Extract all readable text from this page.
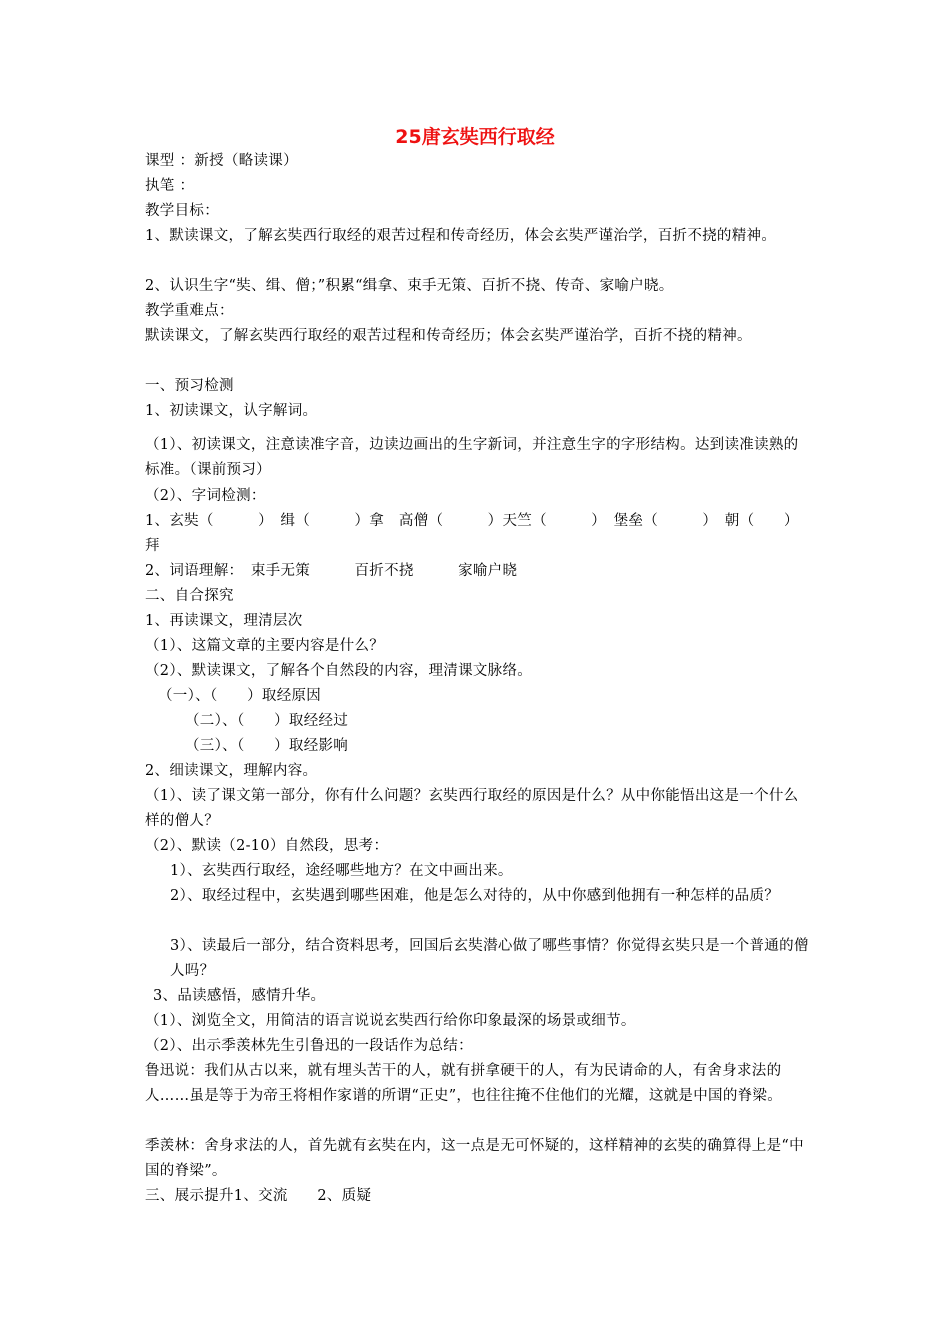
25唐玄奘西行取经
课型 ：新授（略读课）
执笔 ：
教学目标：
1、默读课文，了解玄奘西行取经的艰苦过程和传奇经历，体会玄奘严谨治学，百折不挠的精神。
2、认识生字“奘、缉、僧；”积累“缉拿、束手无策、百折不挠、传奇、家喻户晓。
教学重难点：
默读课文，了解玄奘西行取经的艰苦过程和传奇经历；体会玄奘严谨治学，百折不挠的精神。
一、预习检测
1、初读课文，认字解词。
（1）、初读课文，注意读准字音，边读边画出的生字新词，并注意生字的字形结构。达到读准读熟的标准。（课前预习）
（2）、字词检测：
1、玄奘（　　　）　缉（　　　）拿　高僧（　　　）天竺（　　　）　堡垒（　　　）　朝（　　）拜
2、词语理解：　束手无策　　　百折不挠　　　家喻户晓
二、自合探究
1、再读课文，理清层次
（1）、这篇文章的主要内容是什么？
（2）、默读课文，了解各个自然段的内容，理清课文脉络。
（一）、（　　）取经原因
（二）、（　　）取经经过
（三）、（　　）取经影响
2、细读课文，理解内容。
（1）、读了课文第一部分，你有什么问题？玄奘西行取经的原因是什么？从中你能悟出这是一个什么样的僧人？
（2）、默读（2-10）自然段，思考：
1）、玄奘西行取经，途经哪些地方？在文中画出来。
2）、取经过程中，玄奘遇到哪些困难，他是怎么对待的，从中你感到他拥有一种怎样的品质？
3）、读最后一部分，结合资料思考，回国后玄奘潜心做了哪些事情？你觉得玄奘只是一个普通的僧人吗？
3、品读感悟，感情升华。
（1）、浏览全文，用简洁的语言说说玄奘西行给你印象最深的场景或细节。
（2）、出示季羡林先生引鲁迅的一段话作为总结：
鲁迅说：我们从古以来，就有埋头苦干的人，就有拼拿硬干的人，有为民请命的人，有舍身求法的人……虽是等于为帝王将相作家谱的所谓“正史”，也往往掩不住他们的光耀，这就是中国的脊梁。
季羡林：舍身求法的人，首先就有玄奘在内，这一点是无可怀疑的，这样精神的玄奘的确算得上是“中国的脊梁”。
三、展示提升1、交流　　2、质疑
